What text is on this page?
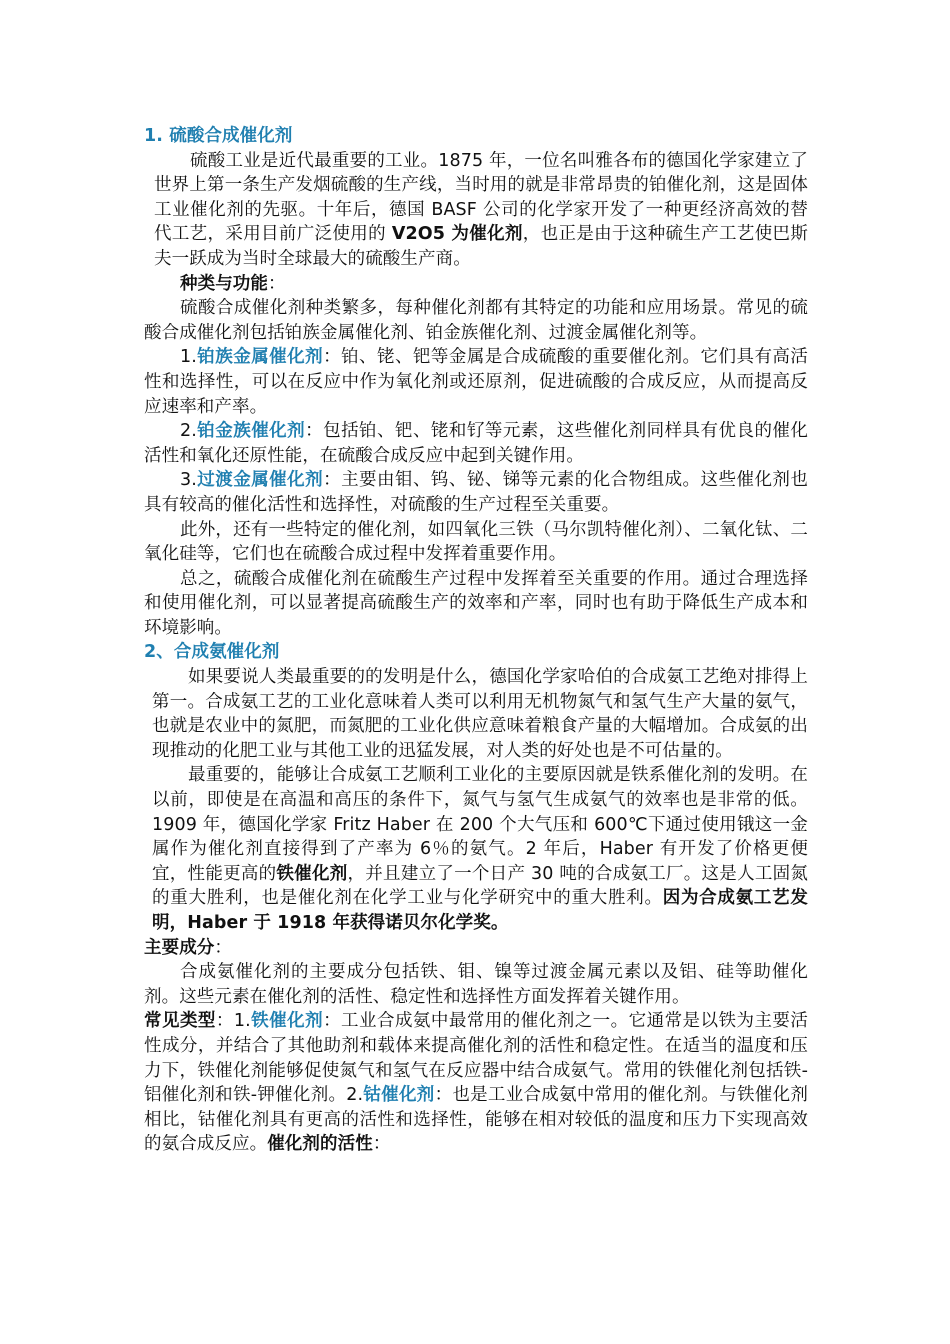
1. 硫酸合成催化剂

硫酸工业是近代最重要的工业。1875 年，一位名叫雅各布的德国化学家建立了世界上第一条生产发烟硫酸的生产线，当时用的就是非常昂贵的铂催化剂，这是固体工业催化剂的先驱。十年后，德国 BASF 公司的化学家开发了一种更经济高效的替代工艺，采用目前广泛使用的 V2O5 为催化剂，也正是由于这种硫生产工艺使巴斯夫一跃成为当时全球最大的硫酸生产商。

种类与功能：

硫酸合成催化剂种类繁多，每种催化剂都有其特定的功能和应用场景。常见的硫酸合成催化剂包括铂族金属催化剂、铂金族催化剂、过渡金属催化剂等。

1.铂族金属催化剂：铂、铑、钯等金属是合成硫酸的重要催化剂。它们具有高活性和选择性，可以在反应中作为氧化剂或还原剂，促进硫酸的合成反应，从而提高反应速率和产率。

2.铂金族催化剂：包括铂、钯、铑和钌等元素，这些催化剂同样具有优良的催化活性和氧化还原性能，在硫酸合成反应中起到关键作用。

3.过渡金属催化剂：主要由钼、钨、铋、锑等元素的化合物组成。这些催化剂也具有较高的催化活性和选择性，对硫酸的生产过程至关重要。

此外，还有一些特定的催化剂，如四氧化三铁（马尔凯特催化剂）、二氧化钛、二氧化硅等，它们也在硫酸合成过程中发挥着重要作用。

总之，硫酸合成催化剂在硫酸生产过程中发挥着至关重要的作用。通过合理选择和使用催化剂，可以显著提高硫酸生产的效率和产率，同时也有助于降低生产成本和环境影响。

2、合成氨催化剂

如果要说人类最重要的的发明是什么，德国化学家哈伯的合成氨工艺绝对排得上第一。合成氨工艺的工业化意味着人类可以利用无机物氮气和氢气生产大量的氨气，也就是农业中的氮肥，而氮肥的工业化供应意味着粮食产量的大幅增加。合成氨的出现推动的化肥工业与其他工业的迅猛发展，对人类的好处也是不可估量的。

最重要的，能够让合成氨工艺顺利工业化的主要原因就是铁系催化剂的发明。在以前，即使是在高温和高压的条件下，氮气与氢气生成氨气的效率也是非常的低。1909 年，德国化学家 Fritz Haber 在 200 个大气压和 600℃下通过使用锇这一金属作为催化剂直接得到了产率为 6％的氨气。2 年后，Haber 有开发了价格更便宜，性能更高的铁催化剂，并且建立了一个日产 30 吨的合成氨工厂。这是人工固氮的重大胜利，也是催化剂在化学工业与化学研究中的重大胜利。因为合成氨工艺发明，Haber 于 1918 年获得诺贝尔化学奖。

主要成分：

合成氨催化剂的主要成分包括铁、钼、镍等过渡金属元素以及铝、硅等助催化剂。这些元素在催化剂的活性、稳定性和选择性方面发挥着关键作用。

常见类型：1.铁催化剂：工业合成氨中最常用的催化剂之一。它通常是以铁为主要活性成分，并结合了其他助剂和载体来提高催化剂的活性和稳定性。在适当的温度和压力下，铁催化剂能够促使氮气和氢气在反应器中结合成氨气。常用的铁催化剂包括铁-铝催化剂和铁-钾催化剂。2.钴催化剂：也是工业合成氨中常用的催化剂。与铁催化剂相比，钴催化剂具有更高的活性和选择性，能够在相对较低的温度和压力下实现高效的氨合成反应。催化剂的活性：
